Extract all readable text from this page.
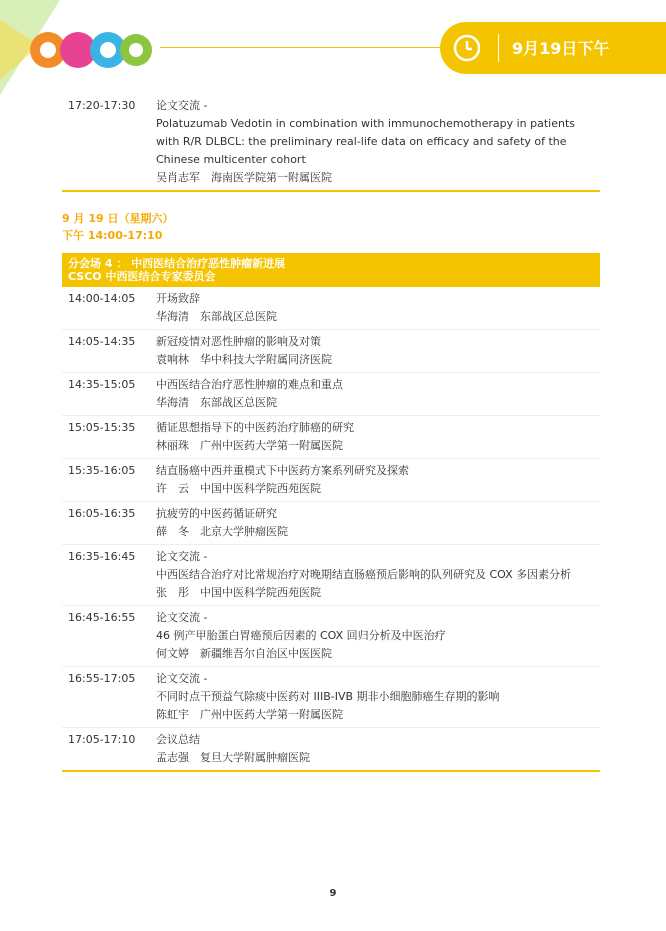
9月19日下午
17:20-17:30	论文交流 -
Polatuzumab Vedotin in combination with immunochemotherapy in patients
with R/R DLBCL: the preliminary real-life data on efficacy and safety of the
Chinese multicenter cohort
吴肖志军　海南医学院第一附属医院
9 月 19 日（星期六）
下午 14:00-17:10
分会场 4 ： 中西医结合治疗恶性肿瘤新进展
CSCO 中西医结合专家委员会
14:00-14:05	开场致辞
华海清　东部战区总医院
14:05-14:35	新冠疫情对恶性肿瘤的影响及对策
袁响林　华中科技大学附属同济医院
14:35-15:05	中西医结合治疗恶性肿瘤的难点和重点
华海清　东部战区总医院
15:05-15:35	循证思想指导下的中医药治疗肺癌的研究
林丽珠　广州中医药大学第一附属医院
15:35-16:05	结直肠癌中西并重模式下中医药方案系列研究及探索
许　云　中国中医科学院西苑医院
16:05-16:35	抗疲劳的中医药循证研究
薛　冬　北京大学肿瘤医院
16:35-16:45	论文交流 -
中西医结合治疗对比常规治疗对晚期结直肠癌预后影响的队列研究及 COX 多因素分析
张　彤　中国中医科学院西苑医院
16:45-16:55	论文交流 -
46 例产甲胎蛋白胃癌预后因素的 COX 回归分析及中医治疗
何文婷　新疆维吾尔自治区中医医院
16:55-17:05	论文交流 -
不同时点干预益气除痰中医药对 IIIB-IVB 期非小细胞肺癌生存期的影响
陈虹宇　广州中医药大学第一附属医院
17:05-17:10	会议总结
孟志强　复旦大学附属肿瘤医院
9
